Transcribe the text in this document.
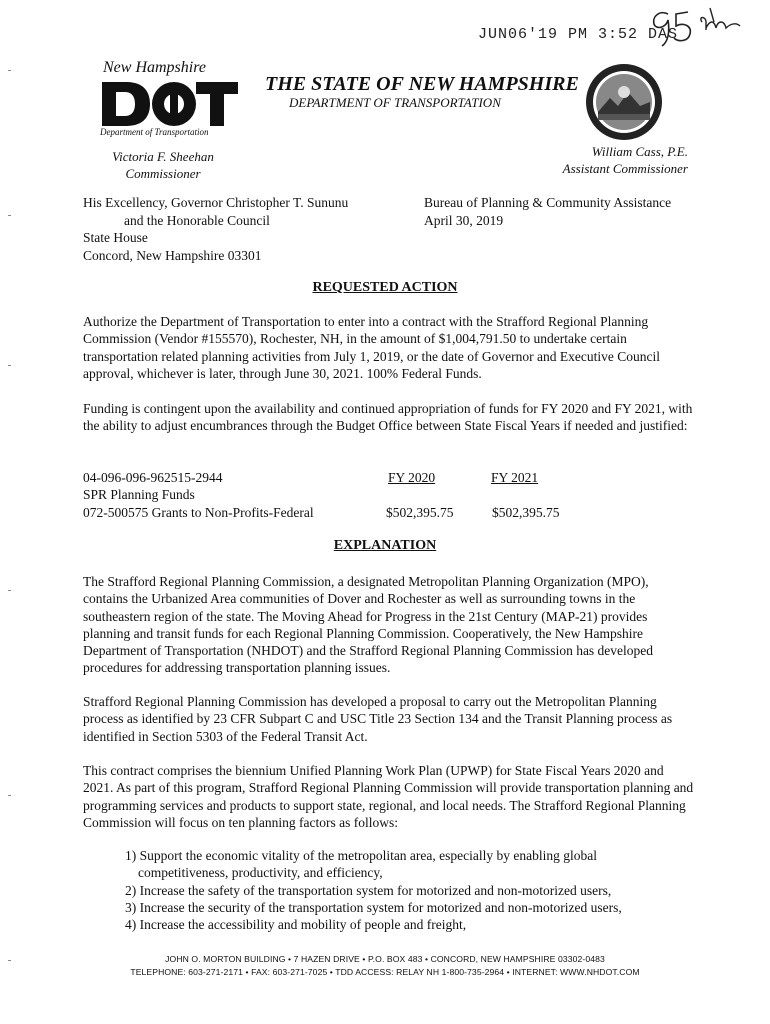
JUN06'19 PM 3:52 DAS
New Hampshire
Department of Transportation
THE STATE OF NEW HAMPSHIRE
DEPARTMENT OF TRANSPORTATION
Victoria F. Sheehan
Commissioner
William Cass, P.E.
Assistant Commissioner
His Excellency, Governor Christopher T. Sununu
and the Honorable Council
State House
Concord, New Hampshire 03301
Bureau of Planning & Community Assistance
April 30, 2019
REQUESTED ACTION
Authorize the Department of Transportation to enter into a contract with the Strafford Regional Planning Commission (Vendor #155570), Rochester, NH, in the amount of $1,004,791.50 to undertake certain transportation related planning activities from July 1, 2019, or the date of Governor and Executive Council approval, whichever is later, through June 30, 2021. 100% Federal Funds.
Funding is contingent upon the availability and continued appropriation of funds for FY 2020 and FY 2021, with the ability to adjust encumbrances through the Budget Office between State Fiscal Years if needed and justified:
04-096-096-962515-2944
SPR Planning Funds
072-500575 Grants to Non-Profits-Federal
FY 2020	FY 2021
$502,395.75	$502,395.75
EXPLANATION
The Strafford Regional Planning Commission, a designated Metropolitan Planning Organization (MPO), contains the Urbanized Area communities of Dover and Rochester as well as surrounding towns in the southeastern region of the state. The Moving Ahead for Progress in the 21st Century (MAP-21) provides planning and transit funds for each Regional Planning Commission. Cooperatively, the New Hampshire Department of Transportation (NHDOT) and the Strafford Regional Planning Commission has developed procedures for addressing transportation planning issues.
Strafford Regional Planning Commission has developed a proposal to carry out the Metropolitan Planning process as identified by 23 CFR Subpart C and USC Title 23 Section 134 and the Transit Planning process as identified in Section 5303 of the Federal Transit Act.
This contract comprises the biennium Unified Planning Work Plan (UPWP) for State Fiscal Years 2020 and 2021. As part of this program, Strafford Regional Planning Commission will provide transportation planning and programming services and products to support state, regional, and local needs. The Strafford Regional Planning Commission will focus on ten planning factors as follows:
1) Support the economic vitality of the metropolitan area, especially by enabling global competitiveness, productivity, and efficiency,
2) Increase the safety of the transportation system for motorized and non-motorized users,
3) Increase the security of the transportation system for motorized and non-motorized users,
4) Increase the accessibility and mobility of people and freight,
JOHN O. MORTON BUILDING • 7 HAZEN DRIVE • P.O. BOX 483 • CONCORD, NEW HAMPSHIRE 03302-0483
TELEPHONE: 603-271-2171 • FAX: 603-271-7025 • TDD ACCESS: RELAY NH 1-800-735-2964 • INTERNET: WWW.NHDOT.COM
